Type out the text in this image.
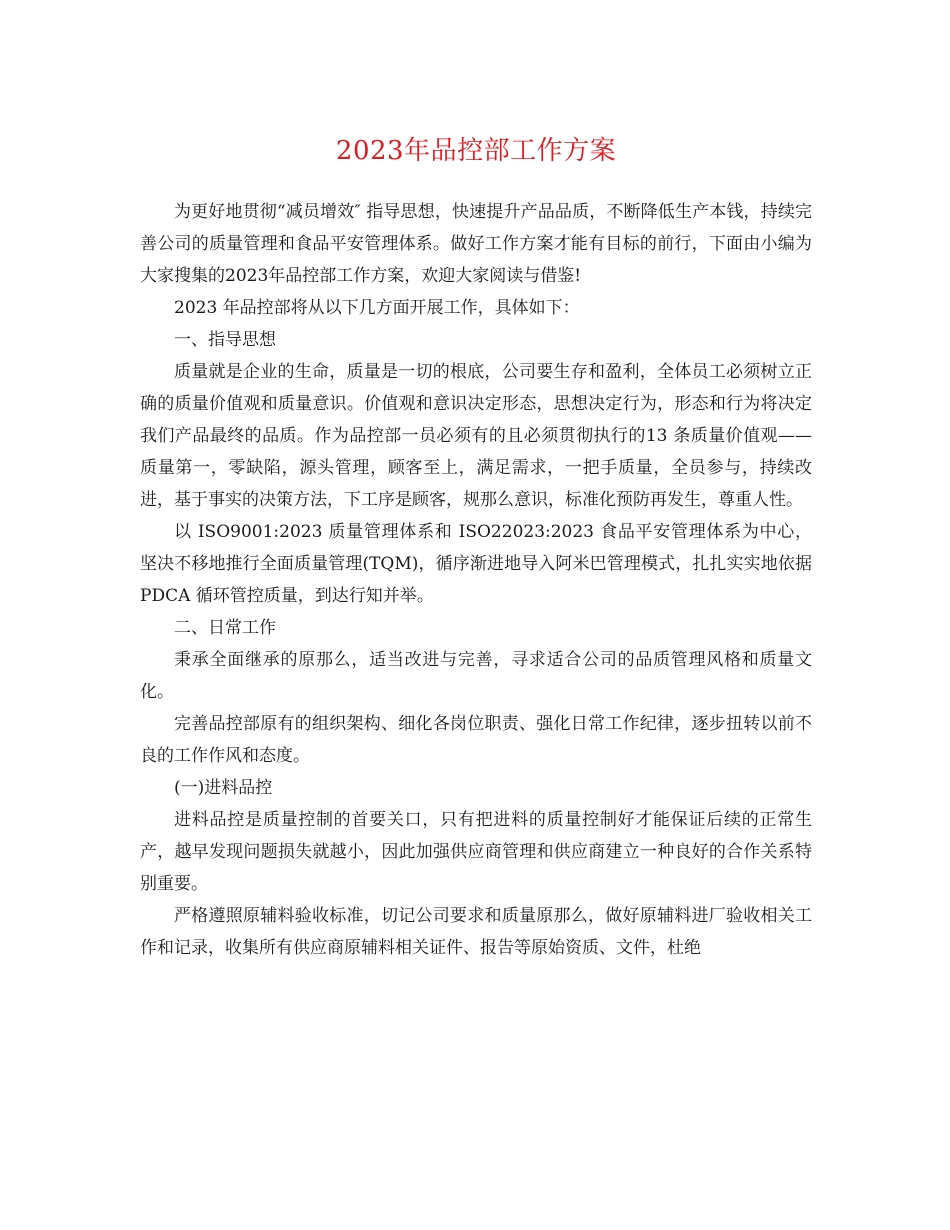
2023年品控部工作方案

为更好地贯彻“减员增效″ 指导思想，快速提升产品品质，不断降低生产本钱，持续完善公司的质量管理和食品平安管理体系。做好工作方案才能有目标的前行，下面由小编为大家搜集的2023年品控部工作方案，欢迎大家阅读与借鉴!

2023 年品控部将从以下几方面开展工作，具体如下：

一、指导思想

质量就是企业的生命，质量是一切的根底，公司要生存和盈利，全体员工必须树立正确的质量价值观和质量意识。价值观和意识决定形态，思想决定行为，形态和行为将决定我们产品最终的品质。作为品控部一员必须有的且必须贯彻执行的13 条质量价值观——质量第一，零缺陷，源头管理，顾客至上，满足需求，一把手质量，全员参与，持续改进，基于事实的决策方法，下工序是顾客，规那么意识，标准化预防再发生，尊重人性。

以 ISO9001:2023 质量管理体系和 ISO22023:2023 食品平安管理体系为中心，坚决不移地推行全面质量管理(TQM)，循序渐进地导入阿米巴管理模式，扎扎实实地依据PDCA 循环管控质量，到达行知并举。

二、日常工作

秉承全面继承的原那么，适当改进与完善，寻求适合公司的品质管理风格和质量文化。

完善品控部原有的组织架构、细化各岗位职责、强化日常工作纪律，逐步扭转以前不良的工作作风和态度。

(一)进料品控

进料品控是质量控制的首要关口，只有把进料的质量控制好才能保证后续的正常生产，越早发现问题损失就越小，因此加强供应商管理和供应商建立一种良好的合作关系特别重要。

严格遵照原辅料验收标准，切记公司要求和质量原那么，做好原辅料进厂验收相关工作和记录，收集所有供应商原辅料相关证件、报告等原始资质、文件，杜绝
